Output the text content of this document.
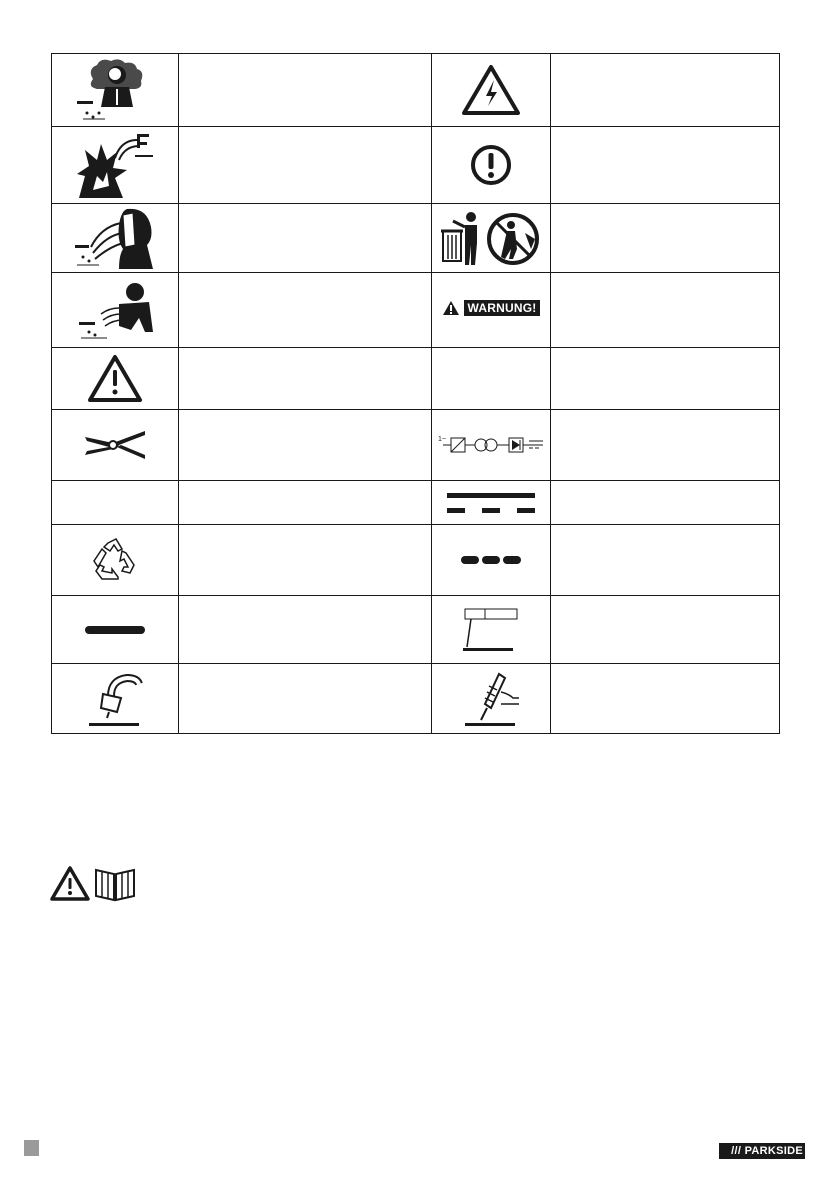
WARNUNG!	

1~	

/// PARKSIDE
